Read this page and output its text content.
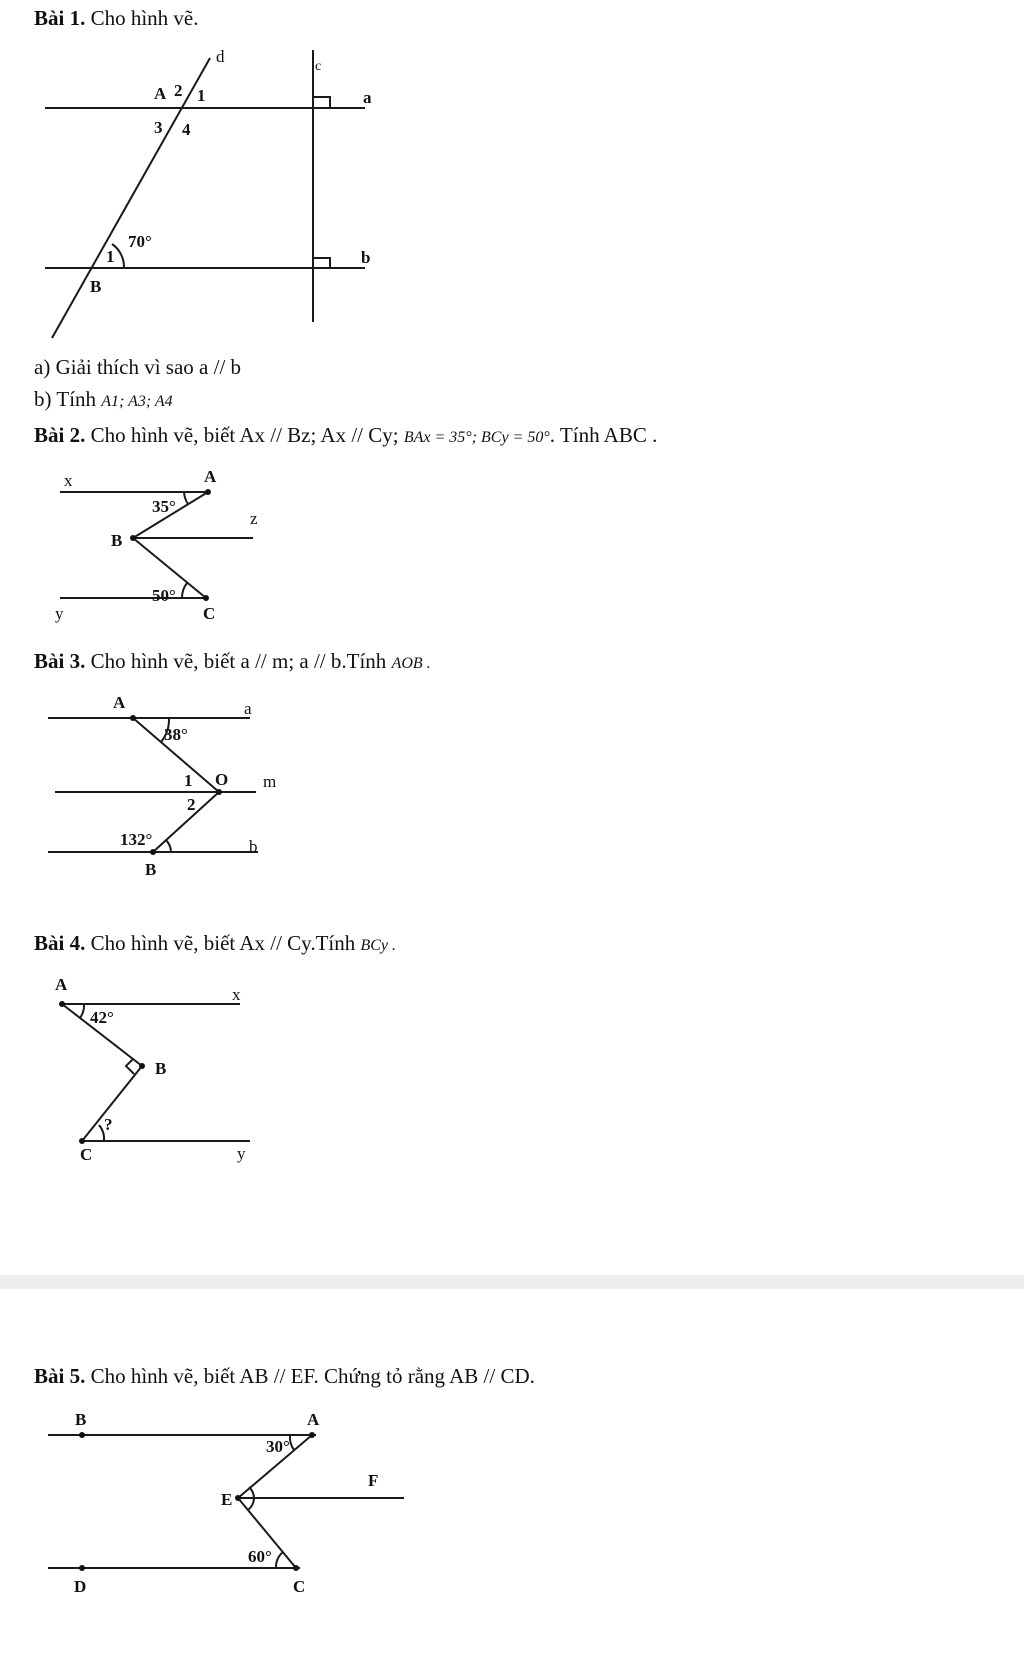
Bài 1. Cho hình vẽ.
d
c
a
b
A 2 1
3 4
70°
1
B
a) Giải thích vì sao a // b
b) Tính A1; A3; A4
Bài 2. Cho hình vẽ, biết Ax // Bz; Ax // Cy; BAx = 35°; BCy = 50°. Tính ABC .
x	A
35°
z
B
50°
y	C
Bài 3. Cho hình vẽ, biết a // m; a // b.Tính AOB .
A	a
38°
1 O m
2
132°	b
B
Bài 4. Cho hình vẽ, biết Ax // Cy.Tính BCy .
A
x
42°
B
?
C	y
Bài 5. Cho hình vẽ, biết AB // EF. Chứng tỏ rằng AB // CD.
B	A
30°
F
E
60°
D	C
